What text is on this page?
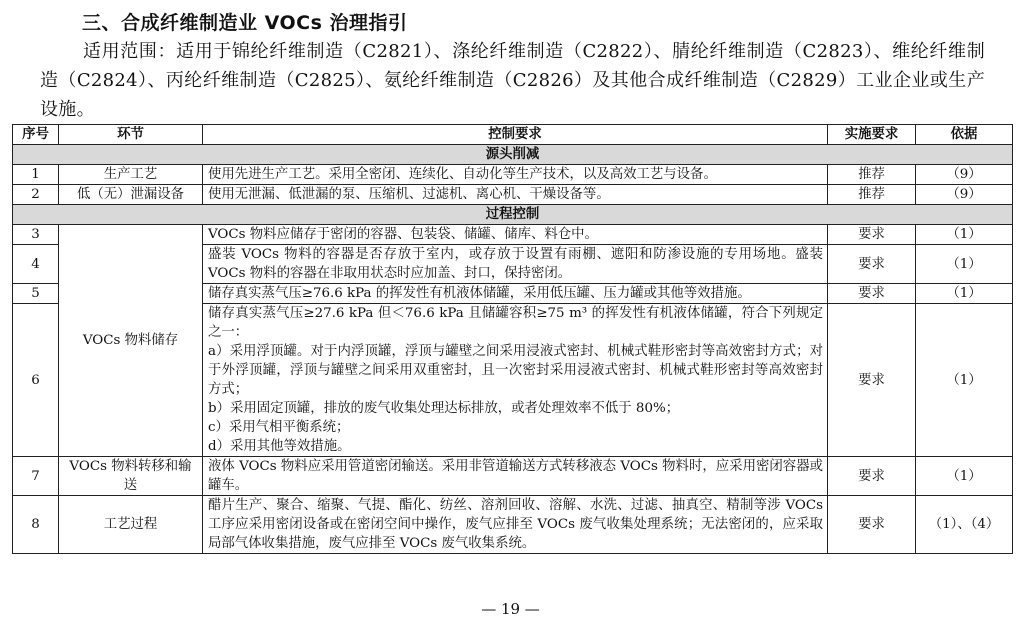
三、合成纤维制造业 VOCs 治理指引
适用范围：适用于锦纶纤维制造（C2821）、涤纶纤维制造（C2822）、腈纶纤维制造（C2823）、维纶纤维制造（C2824）、丙纶纤维制造（C2825）、氨纶纤维制造（C2826）及其他合成纤维制造（C2829）工业企业或生产设施。
序号	环节	控制要求	实施要求	依据
源头削减				
1	生产工艺	使用先进生产工艺。采用全密闭、连续化、自动化等生产技术，以及高效工艺与设备。	推荐	（9）
2	低（无）泄漏设备	使用无泄漏、低泄漏的泵、压缩机、过滤机、离心机、干燥设备等。	推荐	（9）
过程控制				
3	VOCs 物料储存	VOCs 物料应储存于密闭的容器、包装袋、储罐、储库、料仓中。	要求	（1）
4		盛装 VOCs 物料的容器是否存放于室内，或存放于设置有雨棚、遮阳和防渗设施的专用场地。盛装 VOCs 物料的容器在非取用状态时应加盖、封口，保持密闭。	要求	（1）
5		储存真实蒸气压≥76.6 kPa 的挥发性有机液体储罐，采用低压罐、压力罐或其他等效措施。	要求	（1）
6		储存真实蒸气压≥27.6 kPa 但＜76.6 kPa 且储罐容积≥75 m³ 的挥发性有机液体储罐，符合下列规定之一：
a）采用浮顶罐。对于内浮顶罐，浮顶与罐壁之间采用浸液式密封、机械式鞋形密封等高效密封方式；对于外浮顶罐，浮顶与罐壁之间采用双重密封，且一次密封采用浸液式密封、机械式鞋形密封等高效密封方式；
b）采用固定顶罐，排放的废气收集处理达标排放，或者处理效率不低于 80%；
c）采用气相平衡系统；
d）采用其他等效措施。	要求	（1）
7	VOCs 物料转移和输送	液体 VOCs 物料应采用管道密闭输送。采用非管道输送方式转移液态 VOCs 物料时，应采用密闭容器或罐车。	要求	（1）
8	工艺过程	醋片生产、聚合、缩聚、气提、酯化、纺丝、溶剂回收、溶解、水洗、过滤、抽真空、精制等涉 VOCs 工序应采用密闭设备或在密闭空间中操作，废气应排至 VOCs 废气收集处理系统；无法密闭的，应采取局部气体收集措施，废气应排至 VOCs 废气收集系统。	要求	（1）、（4）
— 19 —
